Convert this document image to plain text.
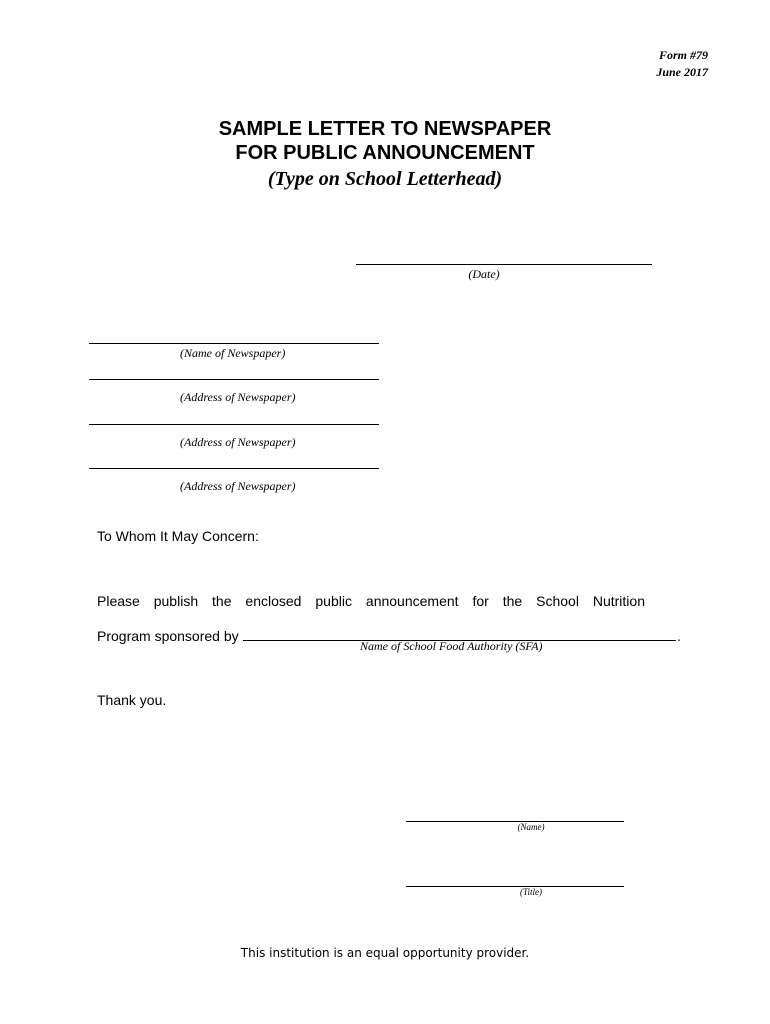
Form #79
June 2017
SAMPLE LETTER TO NEWSPAPER
FOR PUBLIC ANNOUNCEMENT
(Type on School Letterhead)
(Date)
(Name of Newspaper)
(Address of Newspaper)
(Address of Newspaper)
(Address of Newspaper)
To Whom It May Concern:
Please publish the enclosed public announcement for the School Nutrition
Program sponsored by	.
Name of School Food Authority (SFA)
Thank you.
(Name)
(Title)
This institution is an equal opportunity provider.
